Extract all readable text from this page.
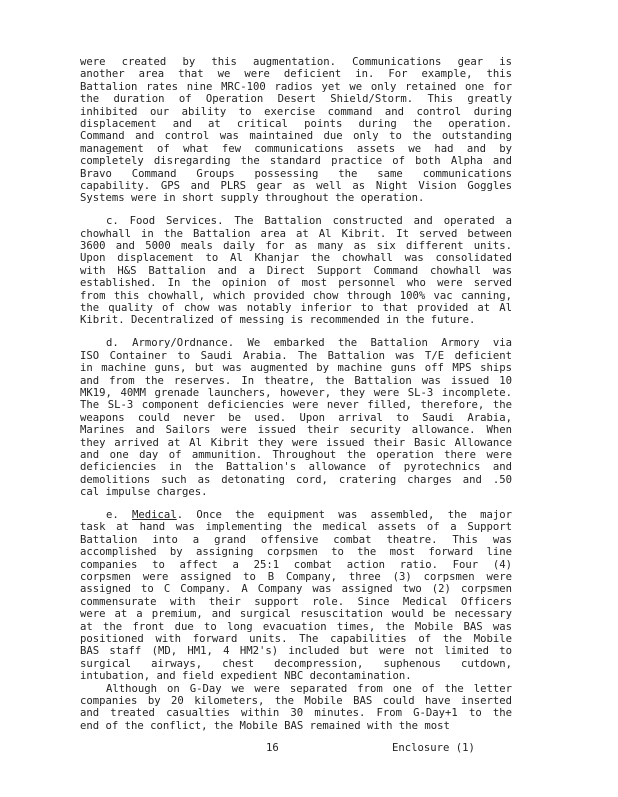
were created by this augmentation. Communications gear is
another area that we were deficient in. For example, this
Battalion rates nine MRC-100 radios yet we only retained one for
the duration of Operation Desert Shield/Storm. This greatly
inhibited our ability to exercise command and control during
displacement and at critical points during the operation.
Command and control was maintained due only to the outstanding
management of what few communications assets we had and by
completely disregarding the standard practice of both Alpha and
Bravo Command Groups possessing the same communications
capability. GPS and PLRS gear as well as Night Vision Goggles
Systems were in short supply throughout the operation.
c. Food Services. The Battalion constructed and operated a
chowhall in the Battalion area at Al Kibrit. It served between
3600 and 5000 meals daily for as many as six different units.
Upon displacement to Al Khanjar the chowhall was consolidated
with H&S Battalion and a Direct Support Command chowhall was
established. In the opinion of most personnel who were served
from this chowhall, which provided chow through 100% vac canning,
the quality of chow was notably inferior to that provided at Al
Kibrit. Decentralized of messing is recommended in the future.
d. Armory/Ordnance. We embarked the Battalion Armory via
ISO Container to Saudi Arabia. The Battalion was T/E deficient
in machine guns, but was augmented by machine guns off MPS ships
and from the reserves. In theatre, the Battalion was issued 10
MK19, 40MM grenade launchers, however, they were SL-3 incomplete.
The SL-3 component deficiencies were never filled, therefore, the
weapons could never be used. Upon arrival to Saudi Arabia,
Marines and Sailors were issued their security allowance. When
they arrived at Al Kibrit they were issued their Basic Allowance
and one day of ammunition. Throughout the operation there were
deficiencies in the Battalion's allowance of pyrotechnics and
demolitions such as detonating cord, cratering charges and .50
cal impulse charges.
e. Medical. Once the equipment was assembled, the major
task at hand was implementing the medical assets of a Support
Battalion into a grand offensive combat theatre. This was
accomplished by assigning corpsmen to the most forward line
companies to affect a 25:1 combat action ratio. Four (4)
corpsmen were assigned to B Company, three (3) corpsmen were
assigned to C Company. A Company was assigned two (2) corpsmen
commensurate with their support role. Since Medical Officers
were at a premium, and surgical resuscitation would be necessary
at the front due to long evacuation times, the Mobile BAS was
positioned with forward units. The capabilities of the Mobile
BAS staff (MD, HM1, 4 HM2's) included but were not limited to
surgical airways, chest decompression, suphenous cutdown,
intubation, and field expedient NBC decontamination.
Although on G-Day we were separated from one of the letter
companies by 20 kilometers, the Mobile BAS could have inserted
and treated casualties within 30 minutes. From G-Day+1 to the
end of the conflict, the Mobile BAS remained with the most
16	Enclosure (1)
